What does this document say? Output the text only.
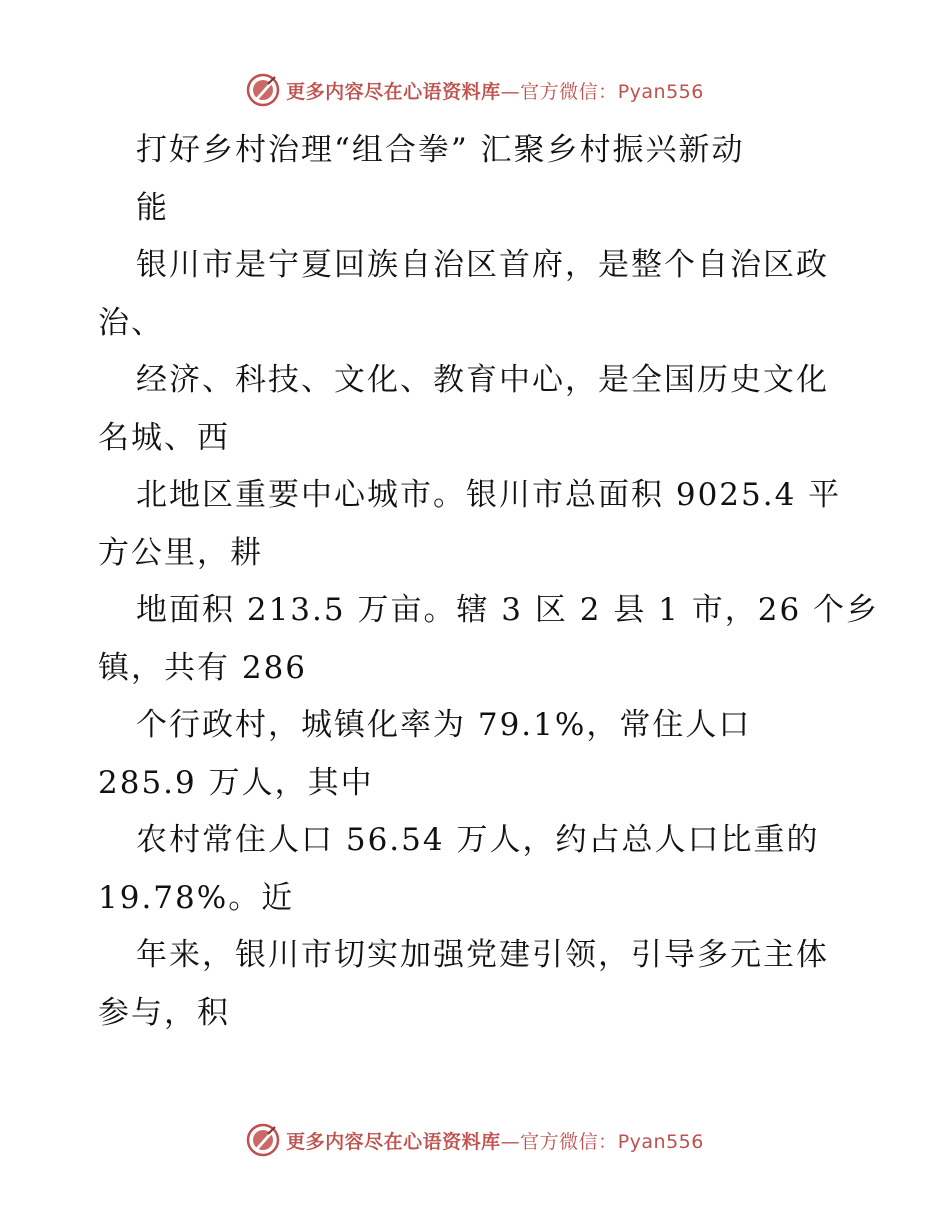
更多内容尽在心语资料库—官方微信：Pyan556
打好乡村治理“组合拳” 汇聚乡村振兴新动
能
银川市是宁夏回族自治区首府，是整个自治区政
治、
经济、科技、文化、教育中心，是全国历史文化
名城、西
北地区重要中心城市。银川市总面积 9025.4 平
方公里，耕
地面积 213.5 万亩。辖 3 区 2 县 1 市，26 个乡
镇，共有 286
个行政村，城镇化率为 79.1%，常住人口
285.9 万人，其中
农村常住人口 56.54 万人，约占总人口比重的
19.78%。近
年来，银川市切实加强党建引领，引导多元主体
参与，积
更多内容尽在心语资料库—官方微信：Pyan556
